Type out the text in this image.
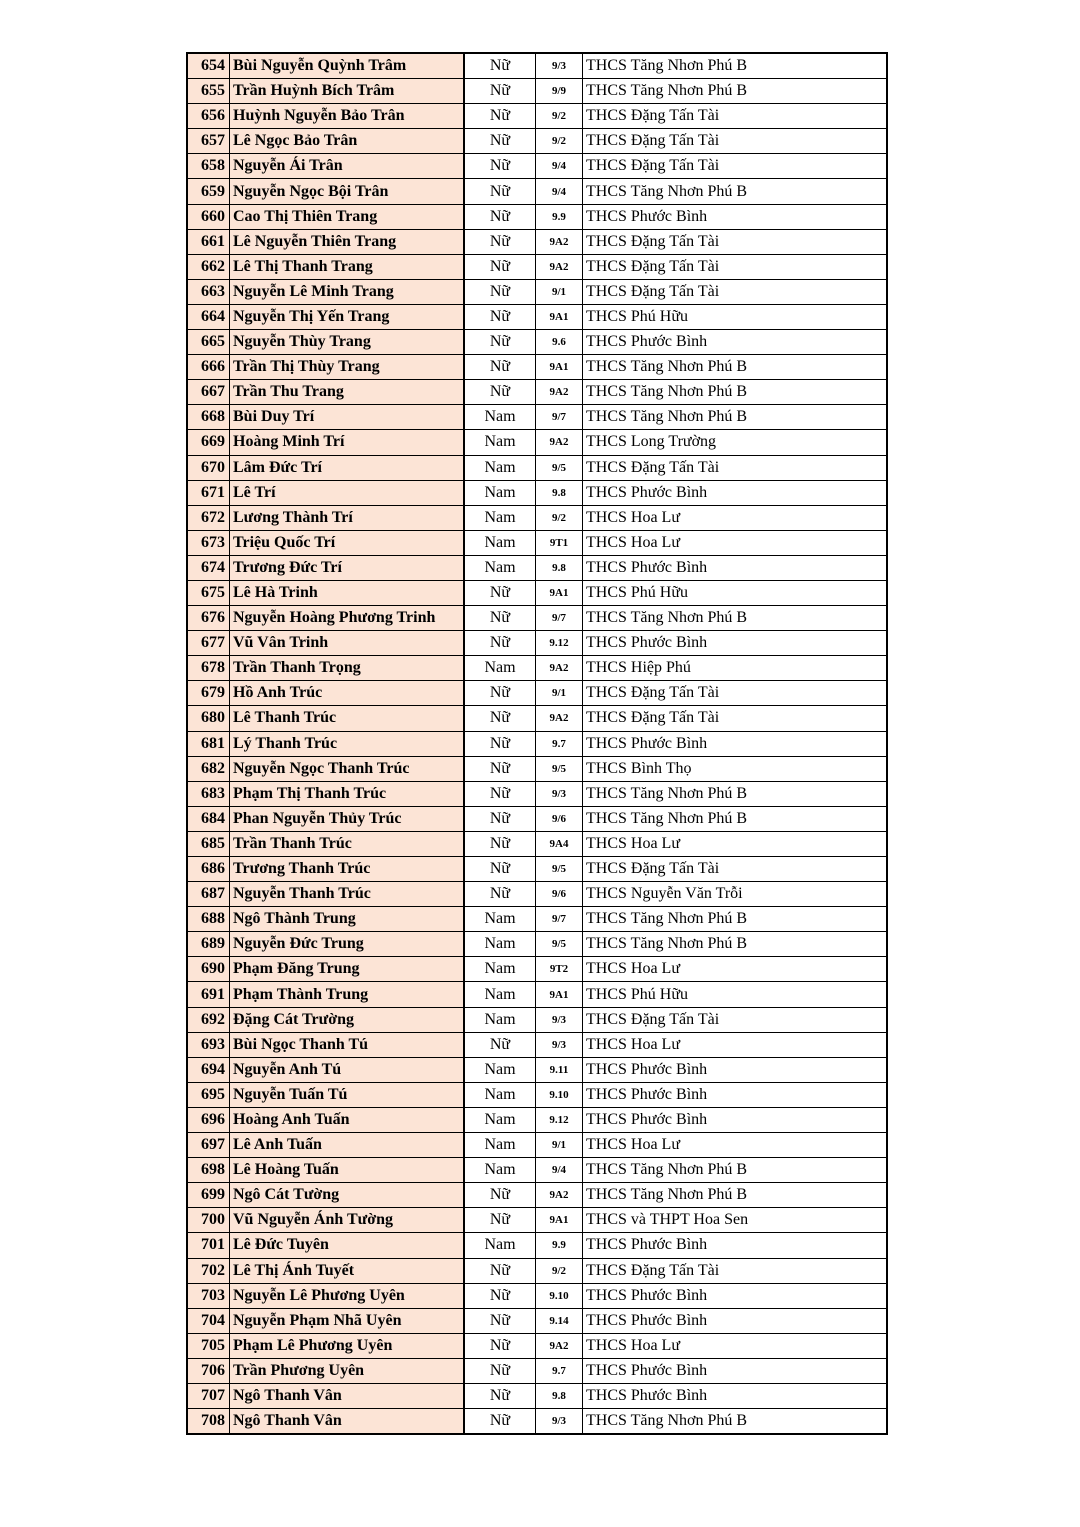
654	Bùi Nguyễn Quỳnh Trâm	Nữ	9/3	THCS Tăng Nhơn Phú B
655	Trần Huỳnh Bích Trâm	Nữ	9/9	THCS Tăng Nhơn Phú B
656	Huỳnh Nguyễn Bảo Trân	Nữ	9/2	THCS Đặng Tấn Tài
657	Lê Ngọc Bảo Trân	Nữ	9/2	THCS Đặng Tấn Tài
658	Nguyễn Ái Trân	Nữ	9/4	THCS Đặng Tấn Tài
659	Nguyễn Ngọc Bội Trân	Nữ	9/4	THCS Tăng Nhơn Phú B
660	Cao Thị Thiên Trang	Nữ	9.9	THCS Phước Bình
661	Lê Nguyễn Thiên Trang	Nữ	9A2	THCS Đặng Tấn Tài
662	Lê Thị Thanh Trang	Nữ	9A2	THCS Đặng Tấn Tài
663	Nguyễn Lê Minh Trang	Nữ	9/1	THCS Đặng Tấn Tài
664	Nguyễn Thị Yến Trang	Nữ	9A1	THCS Phú Hữu
665	Nguyễn Thùy Trang	Nữ	9.6	THCS Phước Bình
666	Trần Thị Thùy Trang	Nữ	9A1	THCS Tăng Nhơn Phú B
667	Trần Thu Trang	Nữ	9A2	THCS Tăng Nhơn Phú B
668	Bùi Duy Trí	Nam	9/7	THCS Tăng Nhơn Phú B
669	Hoàng Minh Trí	Nam	9A2	THCS Long Trường
670	Lâm Đức Trí	Nam	9/5	THCS Đặng Tấn Tài
671	Lê Trí	Nam	9.8	THCS Phước Bình
672	Lương Thành Trí	Nam	9/2	THCS Hoa Lư
673	Triệu Quốc Trí	Nam	9T1	THCS Hoa Lư
674	Trương Đức Trí	Nam	9.8	THCS Phước Bình
675	Lê Hà Trinh	Nữ	9A1	THCS Phú Hữu
676	Nguyễn Hoàng Phương Trinh	Nữ	9/7	THCS Tăng Nhơn Phú B
677	Vũ Vân Trinh	Nữ	9.12	THCS Phước Bình
678	Trần Thanh Trọng	Nam	9A2	THCS Hiệp Phú
679	Hồ Anh Trúc	Nữ	9/1	THCS Đặng Tấn Tài
680	Lê Thanh Trúc	Nữ	9A2	THCS Đặng Tấn Tài
681	Lý Thanh Trúc	Nữ	9.7	THCS Phước Bình
682	Nguyễn Ngọc Thanh Trúc	Nữ	9/5	THCS Bình Thọ
683	Phạm Thị Thanh Trúc	Nữ	9/3	THCS Tăng Nhơn Phú B
684	Phan Nguyễn Thủy Trúc	Nữ	9/6	THCS Tăng Nhơn Phú B
685	Trần Thanh Trúc	Nữ	9A4	THCS Hoa Lư
686	Trương Thanh Trúc	Nữ	9/5	THCS Đặng Tấn Tài
687	Nguyễn Thanh Trúc	Nữ	9/6	THCS Nguyễn Văn Trỗi
688	Ngô Thành Trung	Nam	9/7	THCS Tăng Nhơn Phú B
689	Nguyễn Đức Trung	Nam	9/5	THCS Tăng Nhơn Phú B
690	Phạm Đăng Trung	Nam	9T2	THCS Hoa Lư
691	Phạm Thành Trung	Nam	9A1	THCS Phú Hữu
692	Đặng Cát Trường	Nam	9/3	THCS Đặng Tấn Tài
693	Bùi Ngọc Thanh Tú	Nữ	9/3	THCS Hoa Lư
694	Nguyễn Anh Tú	Nam	9.11	THCS Phước Bình
695	Nguyễn Tuấn Tú	Nam	9.10	THCS Phước Bình
696	Hoàng Anh Tuấn	Nam	9.12	THCS Phước Bình
697	Lê Anh Tuấn	Nam	9/1	THCS Hoa Lư
698	Lê Hoàng Tuấn	Nam	9/4	THCS Tăng Nhơn Phú B
699	Ngô Cát Tường	Nữ	9A2	THCS Tăng Nhơn Phú B
700	Vũ Nguyễn Ánh Tường	Nữ	9A1	THCS và THPT Hoa Sen
701	Lê Đức Tuyên	Nam	9.9	THCS Phước Bình
702	Lê Thị Ánh Tuyết	Nữ	9/2	THCS Đặng Tấn Tài
703	Nguyễn Lê Phương Uyên	Nữ	9.10	THCS Phước Bình
704	Nguyễn Phạm Nhã Uyên	Nữ	9.14	THCS Phước Bình
705	Phạm Lê Phương Uyên	Nữ	9A2	THCS Hoa Lư
706	Trần Phương Uyên	Nữ	9.7	THCS Phước Bình
707	Ngô Thanh Vân	Nữ	9.8	THCS Phước Bình
708	Ngô Thanh Vân	Nữ	9/3	THCS Tăng Nhơn Phú B
